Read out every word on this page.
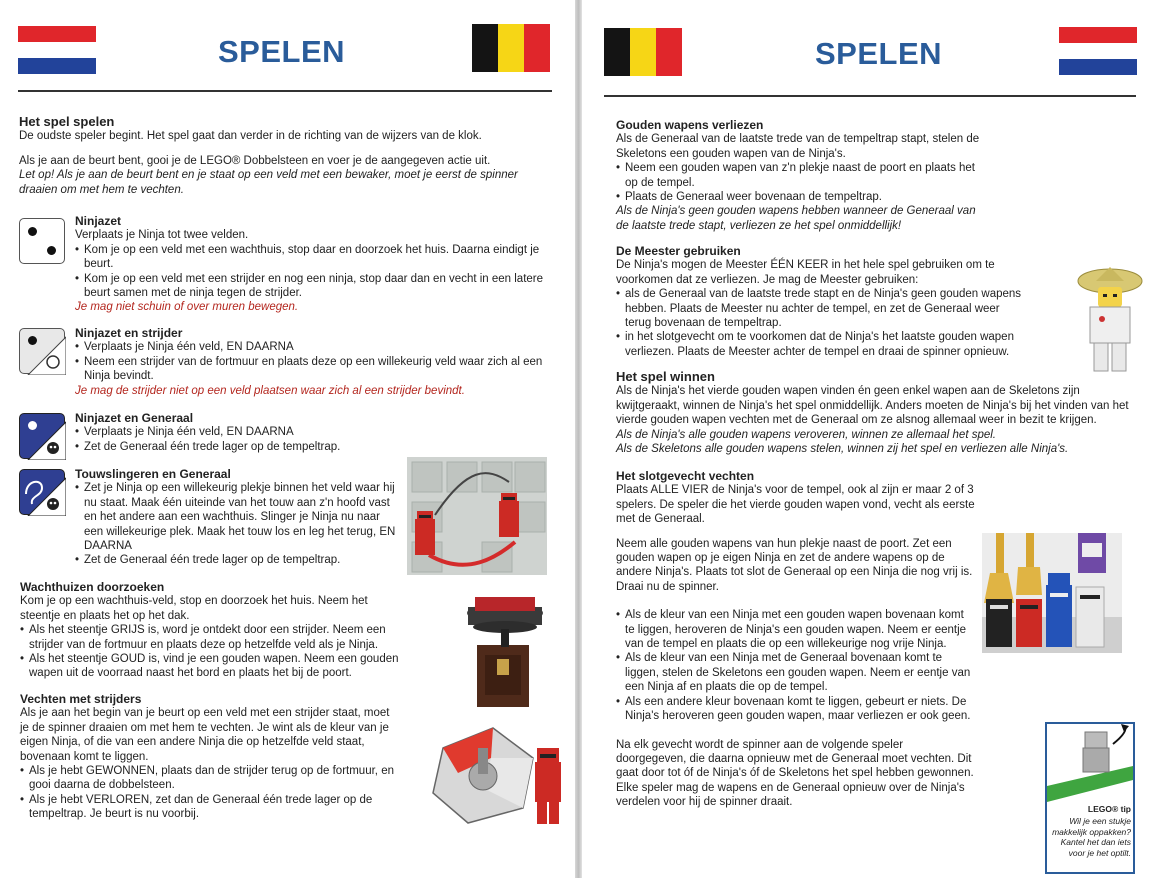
SPELEN

Het spel spelen

De oudste speler begint. Het spel gaat dan verder in de richting van de wijzers van de klok.

Als je aan de beurt bent, gooi je de LEGO® Dobbelsteen en voer je de aangegeven actie uit.

Let op! Als je aan de beurt bent en je staat op een veld met een bewaker, moet je eerst de spinner draaien om met hem te vechten.

Ninjazet

Verplaats je Ninja tot twee velden.

• Kom je op een veld met een wachthuis, stop daar en doorzoek het huis. Daarna eindigt je beurt.
• Kom je op een veld met een strijder en nog een ninja, stop daar dan en vecht in een latere beurt samen met de ninja tegen de strijder.

Je mag niet schuin of over muren bewegen.

Ninjazet en strijder

• Verplaats je Ninja één veld, EN DAARNA
• Neem een strijder van de fortmuur en plaats deze op een willekeurig veld waar zich al een Ninja bevindt.

Je mag de strijder niet op een veld plaatsen waar zich al een strijder bevindt.

Ninjazet en Generaal

• Verplaats je Ninja één veld, EN DAARNA
• Zet de Generaal één trede lager op de tempeltrap.

Touwslingeren en Generaal

• Zet je Ninja op een willekeurig plekje binnen het veld waar hij nu staat. Maak één uiteinde van het touw aan z'n hoofd vast en het andere aan een wachthuis. Slinger je Ninja nu naar een willekeurige plek. Maak het touw los en leg het terug, EN DAARNA
• Zet de Generaal één trede lager op de tempeltrap.

Wachthuizen doorzoeken

Kom je op een wachthuis-veld, stop en doorzoek het huis. Neem het steentje en plaats het op het dak.

• Als het steentje GRIJS is, word je ontdekt door een strijder. Neem een strijder van de fortmuur en plaats deze op hetzelfde veld als je Ninja.
• Als het steentje GOUD is, vind je een gouden wapen. Neem een gouden wapen uit de voorraad naast het bord en plaats het bij de poort.

Vechten met strijders

Als je aan het begin van je beurt op een veld met een strijder staat, moet je de spinner draaien om met hem te vechten. Je wint als de kleur van je eigen Ninja, of die van een andere Ninja die op hetzelfde veld staat, bovenaan komt te liggen.

• Als je hebt GEWONNEN, plaats dan de strijder terug op de fortmuur, en gooi daarna de dobbelsteen.
• Als je hebt VERLOREN, zet dan de Generaal één trede lager op de tempeltrap. Je beurt is nu voorbij.
SPELEN

Gouden wapens verliezen

Als de Generaal van de laatste trede van de tempeltrap stapt, stelen de Skeletons een gouden wapen van de Ninja's.

• Neem een gouden wapen van z'n plekje naast de poort en plaats het op de tempel.
• Plaats de Generaal weer bovenaan de tempeltrap.

Als de Ninja's geen gouden wapens hebben wanneer de Generaal van de laatste trede stapt, verliezen ze het spel onmiddellijk!

De Meester gebruiken

De Ninja's mogen de Meester ÉÉN KEER in het hele spel gebruiken om te voorkomen dat ze verliezen. Je mag de Meester gebruiken:

• als de Generaal van de laatste trede stapt en de Ninja's geen gouden wapens hebben. Plaats de Meester nu achter de tempel, en zet de Generaal weer terug bovenaan de tempeltrap.
• in het slotgevecht om te voorkomen dat de Ninja's het laatste gouden wapen verliezen. Plaats de Meester achter de tempel en draai de spinner opnieuw.

Het spel winnen

Als de Ninja's het vierde gouden wapen vinden én geen enkel wapen aan de Skeletons zijn kwijtgeraakt, winnen de Ninja's het spel onmiddellijk. Anders moeten de Ninja's bij het vinden van het vierde gouden wapen vechten met de Generaal om ze alsnog allemaal weer in bezit te krijgen.

Als de Ninja's alle gouden wapens veroveren, winnen ze allemaal het spel.

Als de Skeletons alle gouden wapens stelen, winnen zij het spel en verliezen alle Ninja's.

Het slotgevecht vechten

Plaats ALLE VIER de Ninja's voor de tempel, ook al zijn er maar 2 of 3 spelers. De speler die het vierde gouden wapen vond, vecht als eerste met de Generaal.

Neem alle gouden wapens van hun plekje naast de poort. Zet een gouden wapen op je eigen Ninja en zet de andere wapens op de andere Ninja's. Plaats tot slot de Generaal op een Ninja die nog vrij is. Draai nu de spinner.

• Als de kleur van een Ninja met een gouden wapen bovenaan komt te liggen, heroveren de Ninja's een gouden wapen. Neem er eentje van de tempel en plaats die op een willekeurige nog vrije Ninja.
• Als de kleur van een Ninja met de Generaal bovenaan komt te liggen, stelen de Skeletons een gouden wapen. Neem er eentje van een Ninja af en plaats die op de tempel.
• Als een andere kleur bovenaan komt te liggen, gebeurt er niets. De Ninja's heroveren geen gouden wapen, maar verliezen er ook geen.

Na elk gevecht wordt de spinner aan de volgende speler doorgegeven, die daarna opnieuw met de Generaal moet vechten. Dit gaat door tot óf de Ninja's óf de Skeletons het spel hebben gewonnen. Elke speler mag de wapens en de Generaal opnieuw over de Ninja's verdelen voor hij de spinner draait.

LEGO® tip

Wil je een stukje makkelijk oppakken? Kantel het dan iets voor je het optilt.
